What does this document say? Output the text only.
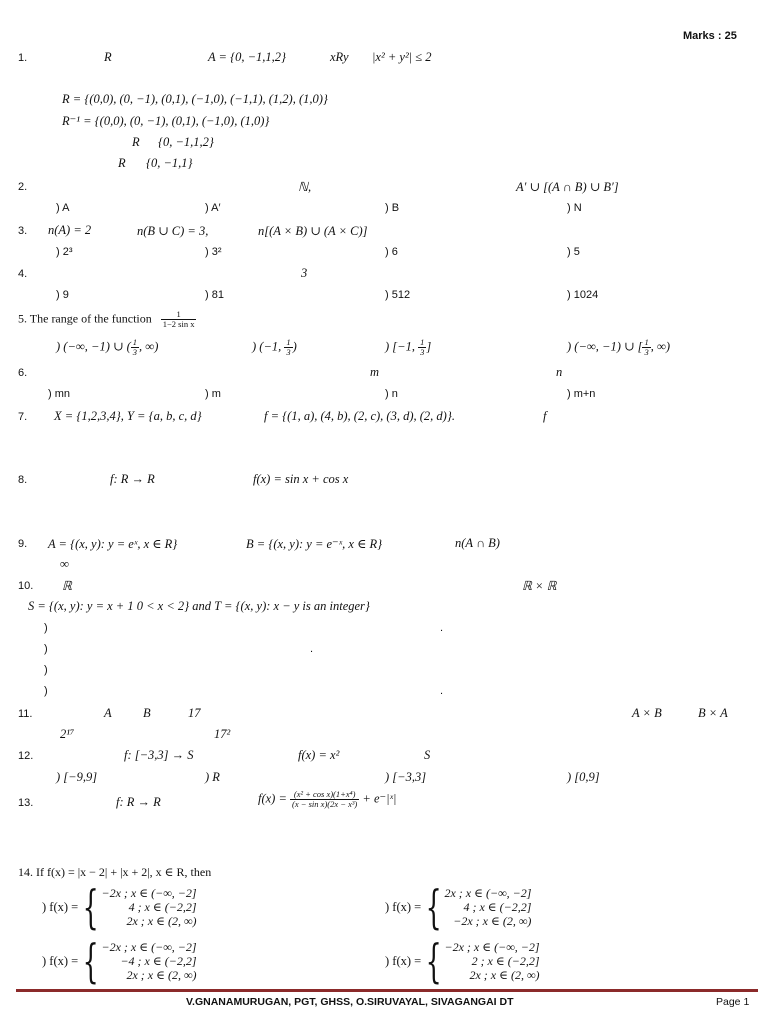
Marks : 25
1.	R	A = {0, −1,1,2}	xRy |x² + y²| ≤ 2
R = {(0,0), (0, −1), (0,1), (−1,0), (−1,1), (1,2), (1,0)}
R⁻¹ = {(0,0), (0, −1), (0,1), (−1,0), (1,0)}
R {0, −1,1,2}
R {0, −1,1}
2.	ℕ,	A′ ∪ [(A ∩ B) ∪ B′]
) A	) A′	) B	) N
3. n(A) = 2	n(B ∪ C) = 3,	n[(A × B) ∪ (A × C)]
) 2³	) 3²	) 6	) 5
4.	3
) 9	) 81	) 512	) 1024
5. The range of the function $\frac{1}{\text{1−2 sin x}}$
) (−∞, −1) ∪ ( $\frac{1}{3}$ , ∞)	) (−1, $\frac{1}{3}$ )	) [−1, $\frac{1}{3}$ ]	) (−∞, −1) ∪ [ $\frac{1}{3}$ , ∞)
6.	m	n
) mn	) m	) n	) m+n
7. X = {1,2,3,4}, Y = {a, b, c, d}	f = {(1, a), (4, b), (2, c), (3, d), (2, d)}.	f
8.	f: R → R	f(x) = sin x + cos x
9. A = {(x, y): y = eˣ, x ∈ R}	B = {(x, y): y = e⁻ˣ, x ∈ R}	n(A ∩ B)
∞
10. ℝ	ℝ × ℝ
S = {(x, y): y = x + 1 0 < x < 2} and T = {(x, y): x − y is an integer}
)	.
)	.
)
)	.
11.	A	B	17	A × B	B × A
2¹⁷	17²
12.	f: [−3,3] → S	f(x) = x²	S
) [−9,9]	) R	) [−3,3]	) [0,9]
13.	f: R → R	$f(x) = \frac{\text{(x² + cos x)(1+x⁴)}}{\text{(x − sin x)(2x − x³)}}$ + e⁻|ˣ|
14. If f(x) = |x − 2| + |x + 2|, x ∈ R, then
) f(x) = { −2x ; x ∈ (−∞, −2]
4 ; x ∈ (−2,2]
2x ; x ∈ (2, ∞)
) f(x) = { 2x ; x ∈ (−∞, −2]
4 ; x ∈ (−2,2]
−2x ; x ∈ (2, ∞)
) f(x) = { −2x ; x ∈ (−∞, −2]
−4 ; x ∈ (−2,2]
2x ; x ∈ (2, ∞)
) f(x) = { −2x ; x ∈ (−∞, −2]
2 ; x ∈ (−2,2]
2x ; x ∈ (2, ∞)
V.GNANAMURUGAN, PGT, GHSS, O.SIRUVAYAL, SIVAGANGAI DT	Page 1
